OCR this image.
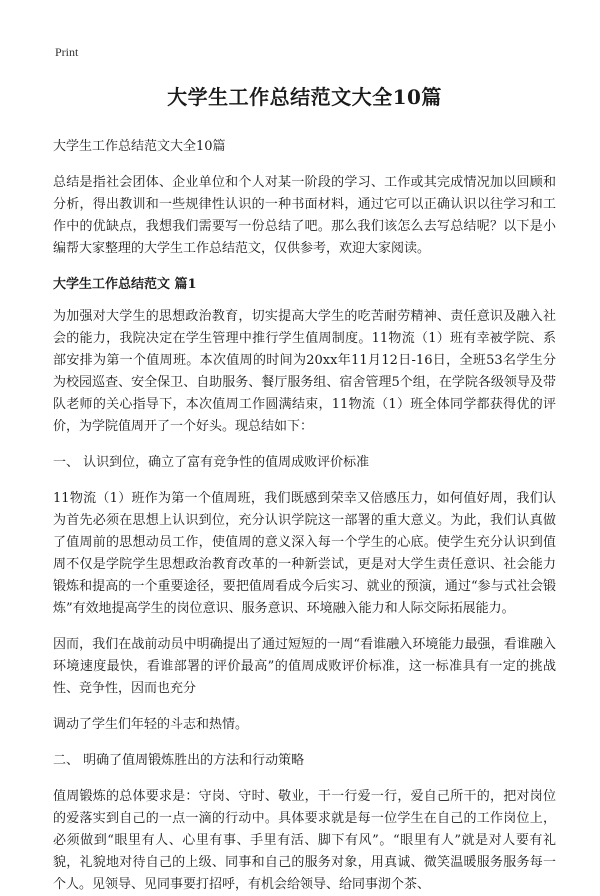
Print
大学生工作总结范文大全10篇
大学生工作总结范文大全10篇
总结是指社会团体、企业单位和个人对某一阶段的学习、工作或其完成情况加以回顾和分析，得出教训和一些规律性认识的一种书面材料，通过它可以正确认识以往学习和工作中的优缺点，我想我们需要写一份总结了吧。那么我们该怎么去写总结呢？以下是小编帮大家整理的大学生工作总结范文，仅供参考，欢迎大家阅读。
大学生工作总结范文 篇1
为加强对大学生的思想政治教育，切实提高大学生的吃苦耐劳精神、责任意识及融入社会的能力，我院决定在学生管理中推行学生值周制度。11物流（1）班有幸被学院、系部安排为第一个值周班。本次值周的时间为20xx年11月12日-16日，全班53名学生分为校园巡查、安全保卫、自助服务、餐厅服务组、宿舍管理5个组，在学院各级领导及带队老师的关心指导下，本次值周工作圆满结束，11物流（1）班全体同学都获得优的评价，为学院值周开了一个好头。现总结如下：
一、 认识到位，确立了富有竞争性的值周成败评价标准
11物流（1）班作为第一个值周班，我们既感到荣幸又倍感压力，如何值好周，我们认为首先必须在思想上认识到位，充分认识学院这一部署的重大意义。为此，我们认真做了值周前的思想动员工作，使值周的意义深入每一个学生的心底。使学生充分认识到值周不仅是学院学生思想政治教育改革的一种新尝试，更是对大学生责任意识、社会能力锻炼和提高的一个重要途径，要把值周看成今后实习、就业的预演，通过“参与式社会锻炼”有效地提高学生的岗位意识、服务意识、环境融入能力和人际交际拓展能力。
因而，我们在战前动员中明确提出了通过短短的一周“看谁融入环境能力最强，看谁融入环境速度最快，看谁部署的评价最高”的值周成败评价标准，这一标准具有一定的挑战性、竞争性，因而也充分
调动了学生们年轻的斗志和热情。
二、 明确了值周锻炼胜出的方法和行动策略
值周锻炼的总体要求是：守岗、守时、敬业，干一行爱一行，爱自己所干的，把对岗位的爱落实到自己的一点一滴的行动中。具体要求就是每一位学生在自己的工作岗位上，必须做到“眼里有人、心里有事、手里有活、脚下有风”。“眼里有人”就是对人要有礼貌，礼貌地对待自己的上级、同事和自己的服务对象，用真诚、微笑温暖服务服务每一个人。见领导、见同事要打招呼，有机会给领导、给同事沏个茶、
